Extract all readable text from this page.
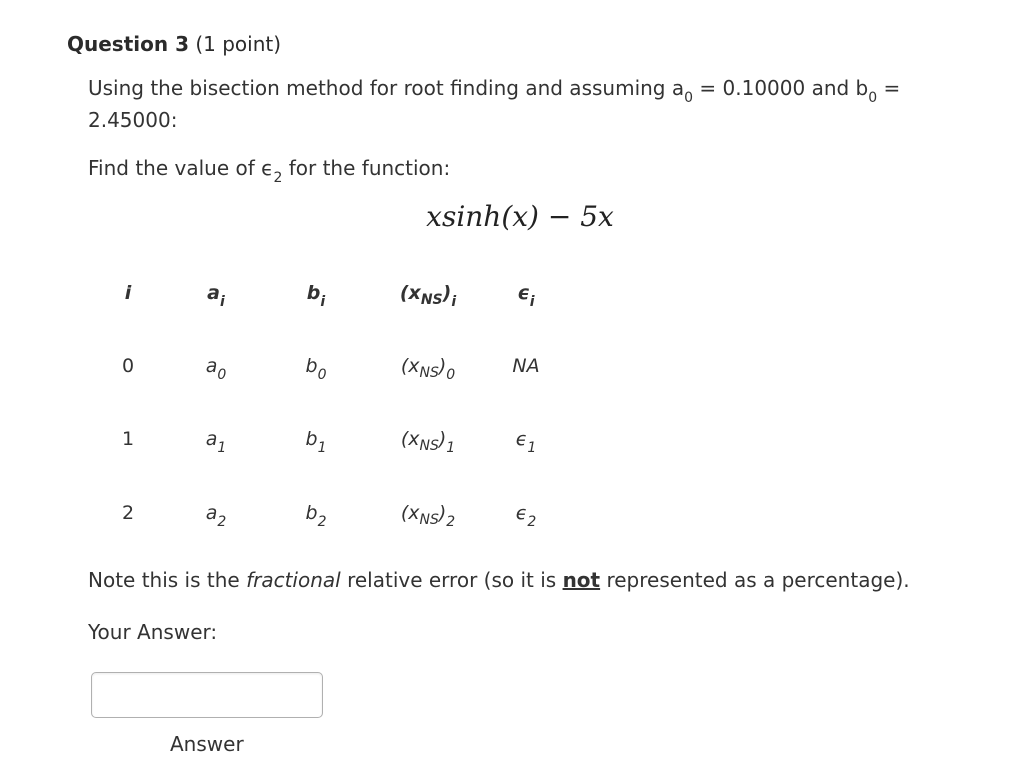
Question 3 (1 point)
Using the bisection method for root finding and assuming $a_0 = 0.10000$ and $b_0$ =
2.45000:
Find the value of $\epsilon_2$ for the function:
xsinh(x) − 5x
i	$a_i$	$b_i$	$(x_{NS})_i$	$\epsilon_i$
0	$a_0$	$b_0$	$(x_{NS})_0$	NA
1	$a_1$	$b_1$	$(x_{NS})_1$	$\epsilon_1$
2	$a_2$	$b_2$	$(x_{NS})_2$	$\epsilon_2$
Note this is the fractional relative error (so it is not represented as a percentage).
Your Answer:
Answer
